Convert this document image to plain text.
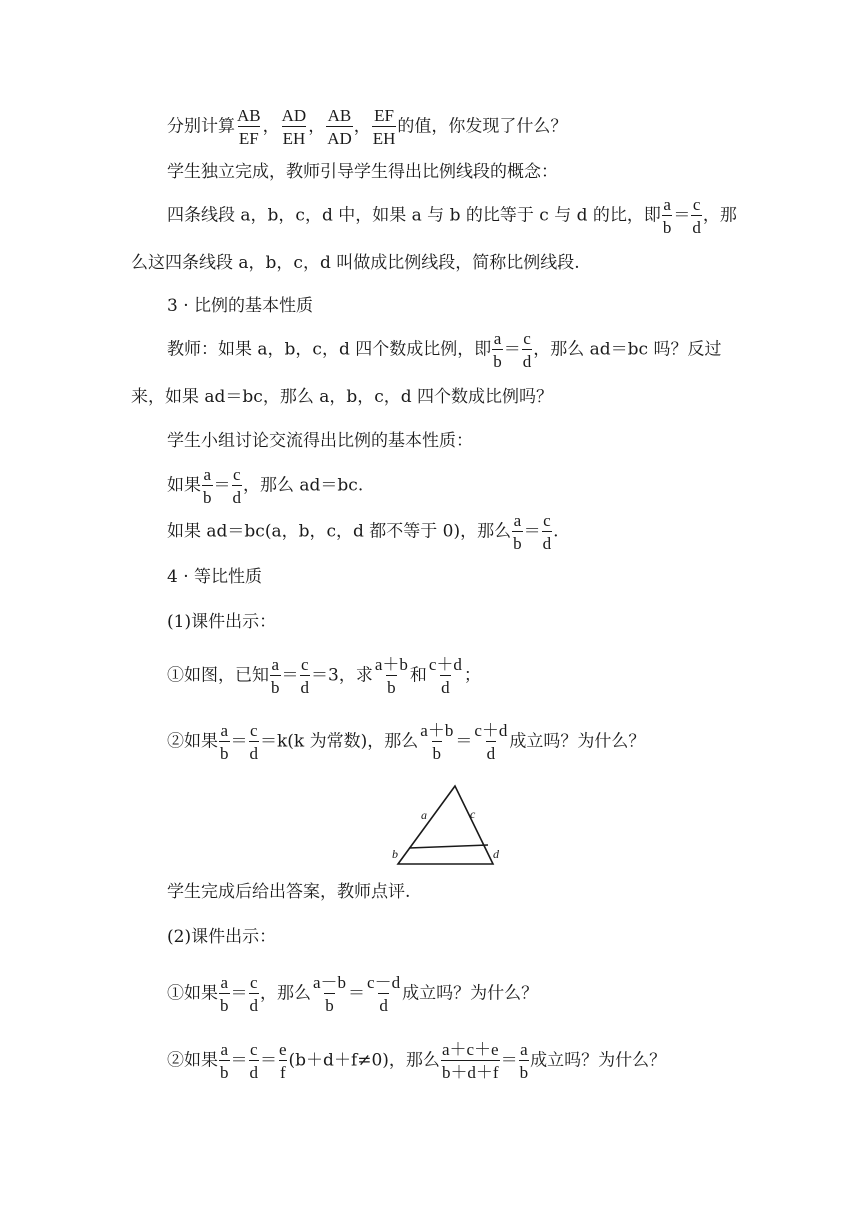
分别计算 $\frac{AB}{EF}$ ， $\frac{AD}{EH}$ ， $\frac{AB}{AD}$ ， $\frac{EF}{EH}$ 的值，你发现了什么？
学生独立完成，教师引导学生得出比例线段的概念：
四条线段 a，b，c，d 中，如果 a 与 b 的比等于 c 与 d 的比，即 $\frac{a}{b} = \frac{c}{d}$ ，那
么这四条线段 a，b，c，d 叫做成比例线段，简称比例线段.
3 · 比例的基本性质
教师：如果 a，b，c，d 四个数成比例，即 $\frac{a}{b} = \frac{c}{d}$ ，那么 ad＝bc 吗？反过
来，如果 ad＝bc，那么 a，b，c，d 四个数成比例吗？
学生小组讨论交流得出比例的基本性质：
如果 $\frac{a}{b} = \frac{c}{d}$ ，那么 ad＝bc.
如果 ad＝bc(a，b，c，d 都不等于 0)，那么 $\frac{a}{b} = \frac{c}{d}$ .
4 · 等比性质
(1)课件出示：
①如图，已知 $\frac{a}{b} = \frac{c}{d} =3$，求 $\frac{a+b}{b}$ 和 $\frac{c+d}{d}$ ；
②如果 $\frac{a}{b} = \frac{c}{d} =k(k$ 为常数)，那么 $\frac{a+b}{b} = \frac{c+d}{d}$ 成立吗？为什么？
a	c
b	d
学生完成后给出答案，教师点评.
(2)课件出示：
①如果 $\frac{a}{b} = \frac{c}{d}$ ，那么 $\frac{a-b}{b} = \frac{c-d}{d}$ 成立吗？为什么？
②如果 $\frac{a}{b} = \frac{c}{d} = \frac{e}{f} (b+d+f\ne 0)$，那么 $\frac{a+c+e}{b+d+f} = \frac{a}{b}$ 成立吗？为什么？
